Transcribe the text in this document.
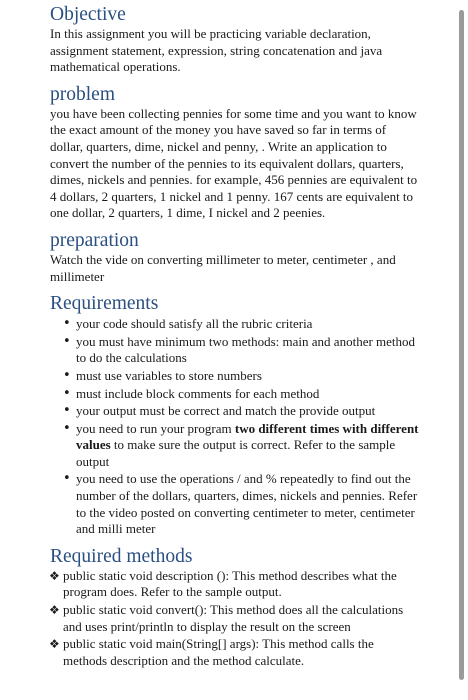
Objective

In this assignment you will be practicing variable declaration, assignment statement, expression, string concatenation and java mathematical operations.

problem

you have been collecting pennies for some time and you want to know the exact amount of the money you have saved so far in terms of dollar, quarters, dime, nickel and penny, . Write an application to convert the number of the pennies to its equivalent dollars, quarters, dimes, nickels and pennies. for example, 456 pennies are equivalent to 4 dollars, 2 quarters, 1 nickel and 1 penny. 167 cents are equivalent to one dollar, 2 quarters, 1 dime, I nickel and 2 peenies.

preparation

Watch the vide on converting millimeter to meter, centimeter , and millimeter

Requirements
• your code should satisfy all the rubric criteria
• you must have minimum two methods: main and another method to do the calculations
• must use variables to store numbers
• must include block comments for each method
• your output must be correct and match the provide output
• you need to run your program two different times with different values to make sure the output is correct. Refer to the sample output
• you need to use the operations / and % repeatedly to find out the number of the dollars, quarters, dimes, nickels and pennies. Refer to the video posted on converting centimeter to meter, centimeter and milli meter
Required methods
❖ public static void description (): This method describes what the program does. Refer to the sample output.
❖ public static void convert(): This method does all the calculations and uses print/println to display the result on the screen
❖ public static void main(String[] args): This method calls the methods description and the method calculate.
